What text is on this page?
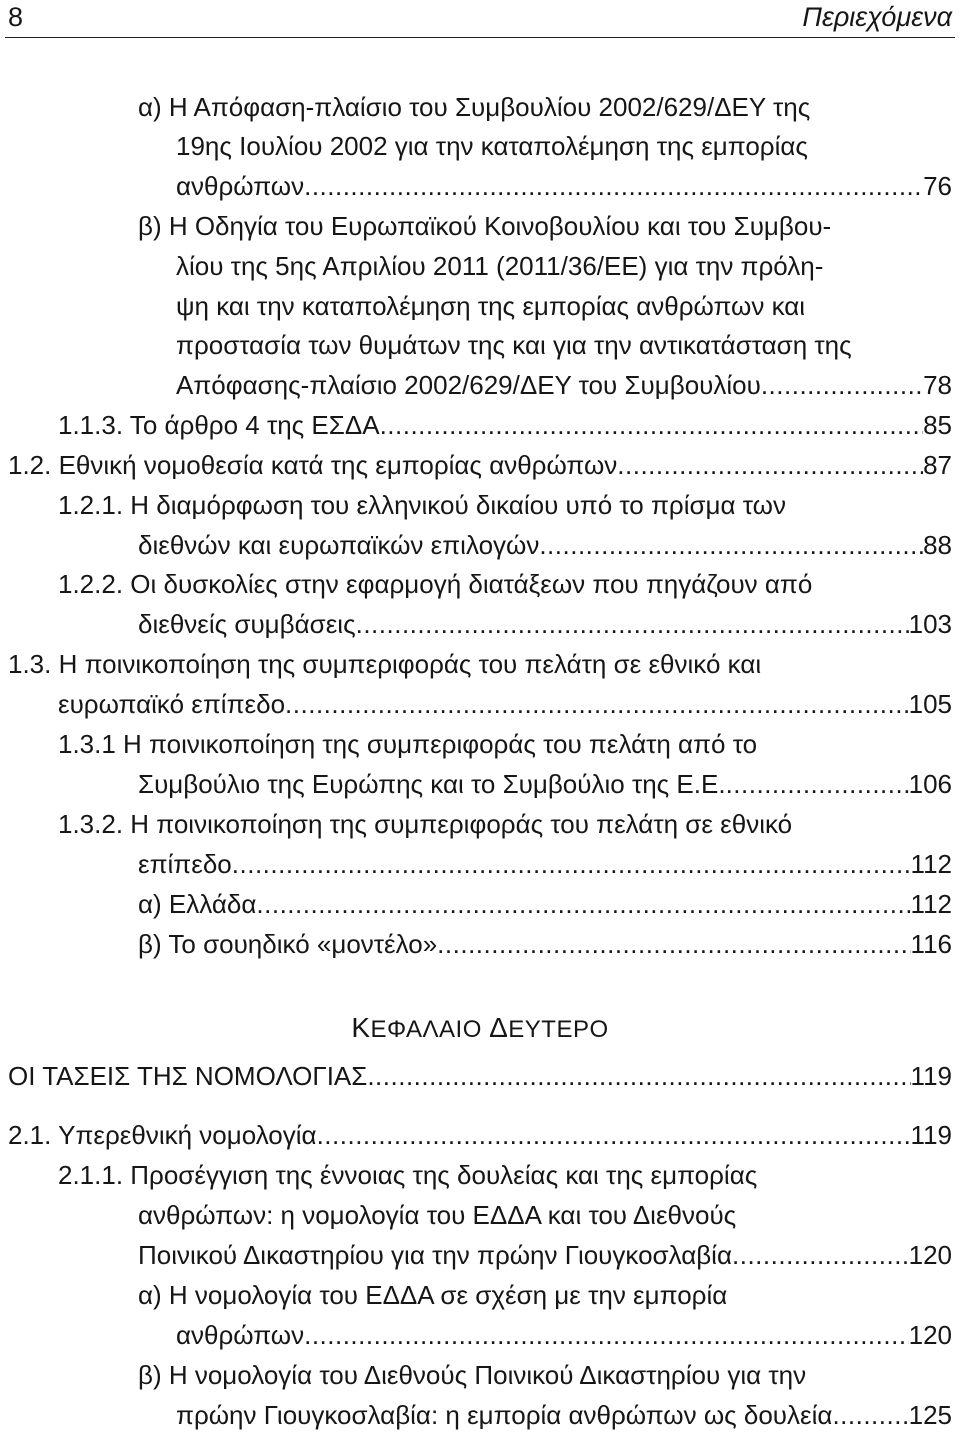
8	Περιεχόμενα
α) Η Απόφαση-πλαίσιο του Συμβουλίου 2002/629/ΔΕΥ της
19ης Ιουλίου 2002 για την καταπολέμηση της εμπορίας
ανθρώπων .....	76
β) Η Οδηγία του Ευρωπαϊκού Κοινοβουλίου και του Συμβου-
λίου της 5ης Απριλίου 2011 (2011/36/ΕΕ) για την πρόλη-
ψη και την καταπολέμηση της εμπορίας ανθρώπων και
προστασία των θυμάτων της και για την αντικατάσταση της
Απόφασης-πλαίσιο 2002/629/ΔΕΥ του Συμβουλίου .....	78
1.1.3. Το άρθρο 4 της ΕΣΔΑ .....	85
1.2. Εθνική νομοθεσία κατά της εμπορίας ανθρώπων .....	87
1.2.1. Η διαμόρφωση του ελληνικού δικαίου υπό το πρίσμα των
διεθνών και ευρωπαϊκών επιλογών .....	88
1.2.2. Οι δυσκολίες στην εφαρμογή διατάξεων που πηγάζουν από
διεθνείς συμβάσεις .....	103
1.3. Η ποινικοποίηση της συμπεριφοράς του πελάτη σε εθνικό και
ευρωπαϊκό επίπεδο .....	105
1.3.1 Η ποινικοποίηση της συμπεριφοράς του πελάτη από το
Συμβούλιο της Ευρώπης και το Συμβούλιο της Ε.Ε. .....	106
1.3.2. Η ποινικοποίηση της συμπεριφοράς του πελάτη σε εθνικό
επίπεδο .....	112
α) Ελλάδα .....	112
β) Το σουηδικό «μοντέλο» .....	116
ΚΕΦΑΛΑΙΟ ΔΕΥΤΕΡΟ
ΟΙ ΤΑΣΕΙΣ ΤΗΣ ΝΟΜΟΛΟΓΙΑΣ .....	119
2.1. Υπερεθνική νομολογία .....	119
2.1.1. Προσέγγιση της έννοιας της δουλείας και της εμπορίας
ανθρώπων: η νομολογία του ΕΔΔΑ και του Διεθνούς
Ποινικού Δικαστηρίου για την πρώην Γιουγκοσλαβία .....	120
α) Η νομολογία του ΕΔΔΑ σε σχέση με την εμπορία
ανθρώπων .....	120
β) Η νομολογία του Διεθνούς Ποινικού Δικαστηρίου για την
πρώην Γιουγκοσλαβία: η εμπορία ανθρώπων ως δουλεία .....	125
